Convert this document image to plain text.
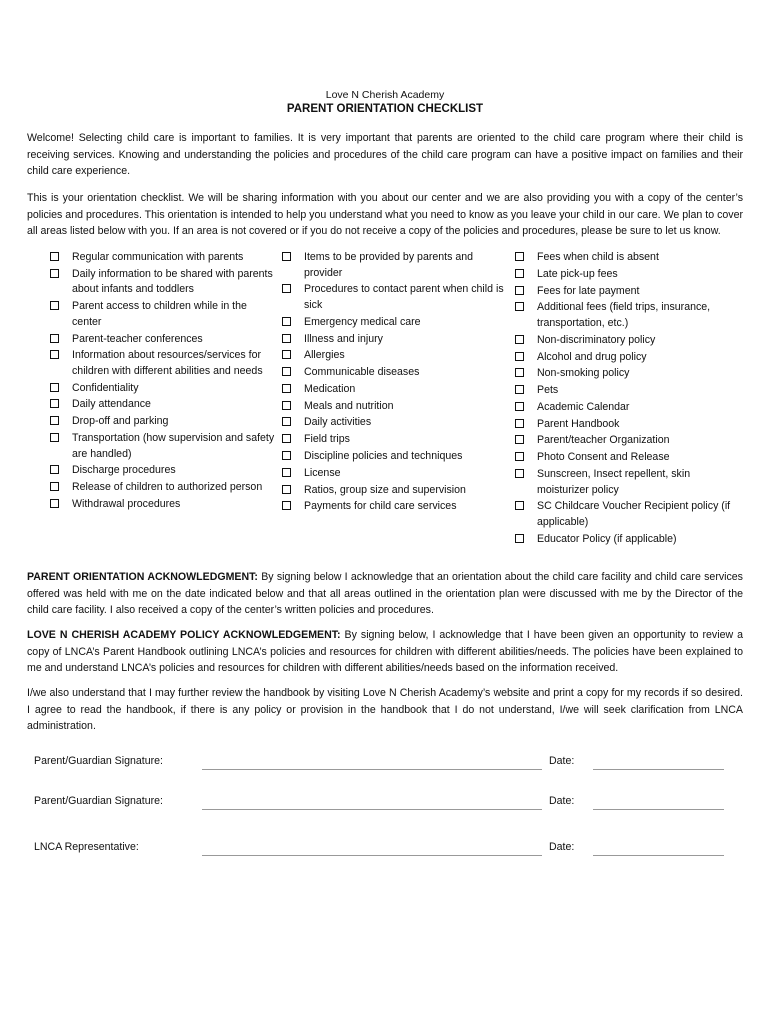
Love N Cherish Academy
PARENT ORIENTATION CHECKLIST

Welcome! Selecting child care is important to families. It is very important that parents are oriented to the child care program where their child is receiving services. Knowing and understanding the policies and procedures of the child care program can have a positive impact on families and their child care experience.

This is your orientation checklist. We will be sharing information with you about our center and we are also providing you with a copy of the center’s policies and procedures. This orientation is intended to help you understand what you need to know as you leave your child in our care. We plan to cover all areas listed below with you. If an area is not covered or if you do not receive a copy of the policies and procedures, please be sure to let us know.

Regular communication with parents
Daily information to be shared with parents about infants and toddlers
Parent access to children while in the center
Parent-teacher conferences
Information about resources/services for children with different abilities and needs
Confidentiality
Daily attendance
Drop-off and parking
Transportation (how supervision and safety are handled)
Discharge procedures
Release of children to authorized person
Withdrawal procedures
Items to be provided by parents and provider
Procedures to contact parent when child is sick
Emergency medical care
Illness and injury
Allergies
Communicable diseases
Medication
Meals and nutrition
Daily activities
Field trips
Discipline policies and techniques
License
Ratios, group size and supervision
Payments for child care services
Fees when child is absent
Late pick-up fees
Fees for late payment
Additional fees (field trips, insurance, transportation, etc.)
Non-discriminatory policy
Alcohol and drug policy
Non-smoking policy
Pets
Academic Calendar
Parent Handbook
Parent/teacher Organization
Photo Consent and Release
Sunscreen, Insect repellent, skin moisturizer policy
SC Childcare Voucher Recipient policy (if applicable)
Educator Policy (if applicable)

PARENT ORIENTATION ACKNOWLEDGMENT: By signing below I acknowledge that an orientation about the child care facility and child care services offered was held with me on the date indicated below and that all areas outlined in the orientation plan were discussed with me by the Director of the child care facility. I also received a copy of the center’s written policies and procedures.

LOVE N CHERISH ACADEMY POLICY ACKNOWLEDGEMENT: By signing below, I acknowledge that I have been given an opportunity to review a copy of LNCA’s Parent Handbook outlining LNCA’s policies and resources for children with different abilities/needs. The policies have been explained to me and understand LNCA’s policies and resources for children with different abilities/needs based on the information received.

I/we also understand that I may further review the handbook by visiting Love N Cherish Academy’s website and print a copy for my records if so desired. I agree to read the handbook, if there is any policy or provision in the handbook that I do not understand, I/we will seek clarification from LNCA administration.

Parent/Guardian Signature:	Date:
Parent/Guardian Signature:	Date:
LNCA Representative:	Date:
